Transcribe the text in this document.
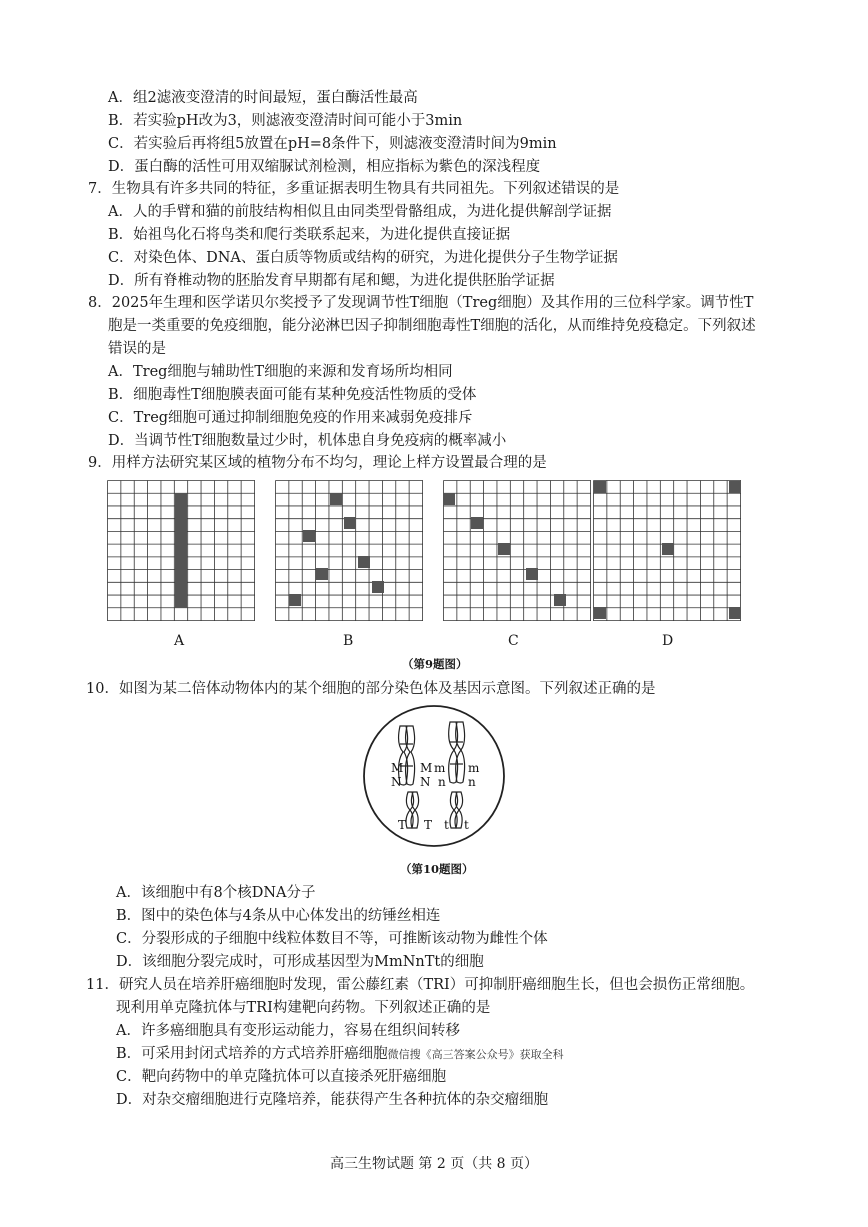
A．组2滤液变澄清的时间最短，蛋白酶活性最高
B．若实验pH改为3，则滤液变澄清时间可能小于3min
C．若实验后再将组5放置在pH=8条件下，则滤液变澄清时间为9min
D．蛋白酶的活性可用双缩脲试剂检测，相应指标为紫色的深浅程度
7．生物具有许多共同的特征，多重证据表明生物具有共同祖先。下列叙述错误的是
A．人的手臂和猫的前肢结构相似且由同类型骨骼组成，为进化提供解剖学证据
B．始祖鸟化石将鸟类和爬行类联系起来，为进化提供直接证据
C．对染色体、DNA、蛋白质等物质或结构的研究，为进化提供分子生物学证据
D．所有脊椎动物的胚胎发育早期都有尾和鳃，为进化提供胚胎学证据
8．2025年生理和医学诺贝尔奖授予了发现调节性T细胞（Treg细胞）及其作用的三位科学家。调节性T
胞是一类重要的免疫细胞，能分泌淋巴因子抑制细胞毒性T细胞的活化，从而维持免疫稳定。下列叙述
错误的是
A．Treg细胞与辅助性T细胞的来源和发育场所均相同
B．细胞毒性T细胞膜表面可能有某种免疫活性物质的受体
C．Treg细胞可通过抑制细胞免疫的作用来减弱免疫排斥
D．当调节性T细胞数量过少时，机体患自身免疫病的概率减小
9．用样方法研究某区域的植物分布不均匀，理论上样方设置最合理的是
A	B	C	D
（第9题图）
10．如图为某二倍体动物体内的某个细胞的部分染色体及基因示意图。下列叙述正确的是
M M m m
N N n n
T T t t
（第10题图）
A．该细胞中有8个核DNA分子
B．图中的染色体与4条从中心体发出的纺锤丝相连
C．分裂形成的子细胞中线粒体数目不等，可推断该动物为雌性个体
D．该细胞分裂完成时，可形成基因型为MmNnTt的细胞
11．研究人员在培养肝癌细胞时发现，雷公藤红素（TRI）可抑制肝癌细胞生长，但也会损伤正常细胞。
现利用单克隆抗体与TRI构建靶向药物。下列叙述正确的是
A．许多癌细胞具有变形运动能力，容易在组织间转移
B．可采用封闭式培养的方式培养肝癌细胞微信搜《高三答案公众号》获取全科
C．靶向药物中的单克隆抗体可以直接杀死肝癌细胞
D．对杂交瘤细胞进行克隆培养，能获得产生各种抗体的杂交瘤细胞
高三生物试题 第 2 页（共 8 页）
